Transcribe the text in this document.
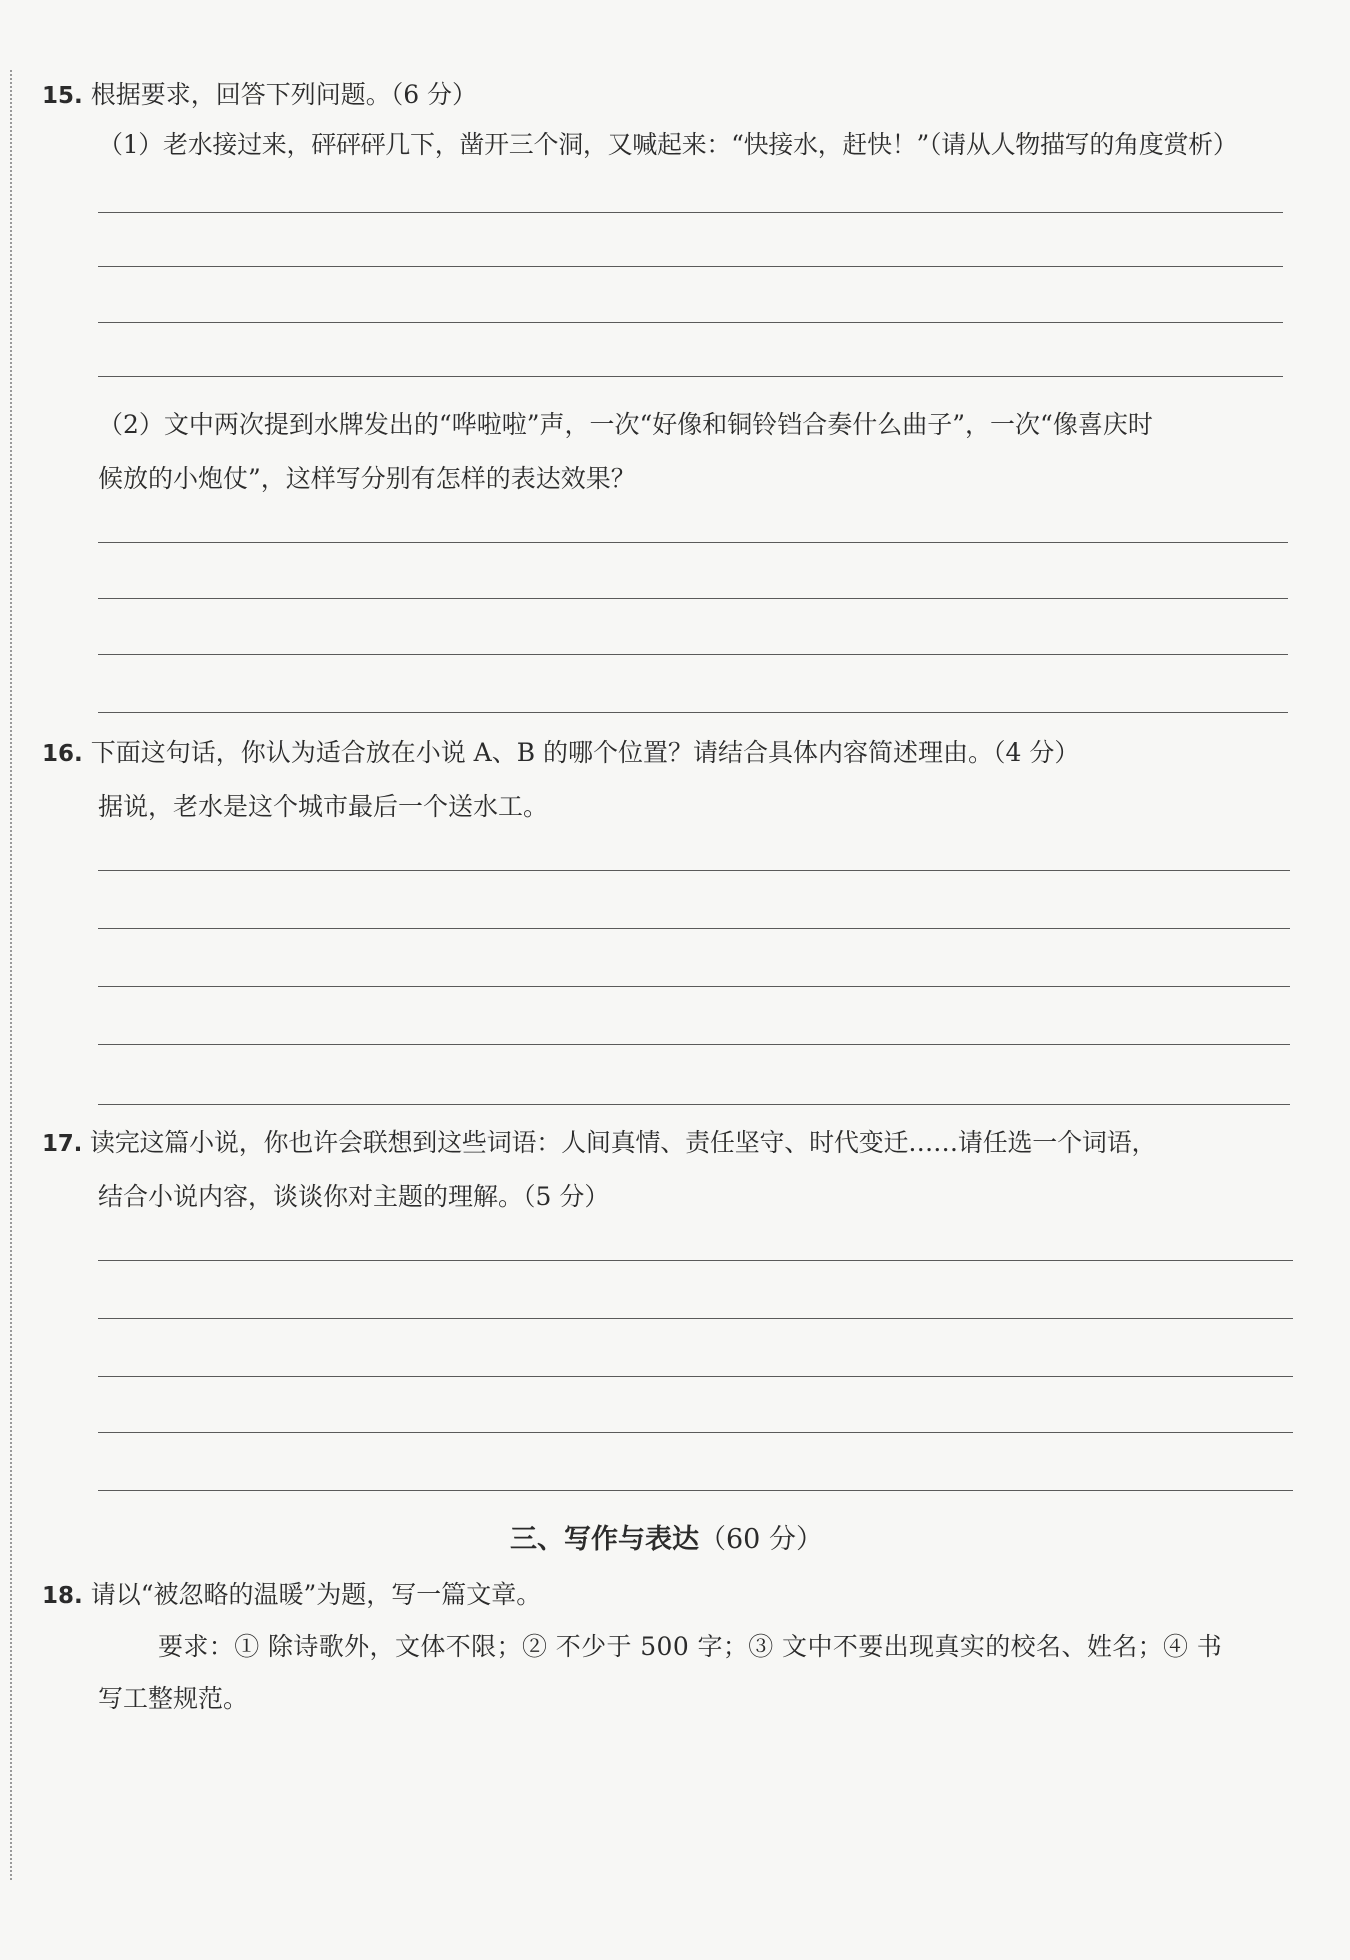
15. 根据要求，回答下列问题。（6 分）
（1）老水接过来，砰砰砰几下，凿开三个洞，又喊起来：“快接水，赶快！”（请从人物描写的角度赏析）
（2）文中两次提到水牌发出的“哗啦啦”声，一次“好像和铜铃铛合奏什么曲子”，一次“像喜庆时
候放的小炮仗”，这样写分别有怎样的表达效果？
16. 下面这句话，你认为适合放在小说 A、B 的哪个位置？请结合具体内容简述理由。（4 分）
据说，老水是这个城市最后一个送水工。
17. 读完这篇小说，你也许会联想到这些词语：人间真情、责任坚守、时代变迁……请任选一个词语，
结合小说内容，谈谈你对主题的理解。（5 分）
三、写作与表达（60 分）
18. 请以“被忽略的温暖”为题，写一篇文章。
要求：① 除诗歌外，文体不限；② 不少于 500 字；③ 文中不要出现真实的校名、姓名；④ 书
写工整规范。
